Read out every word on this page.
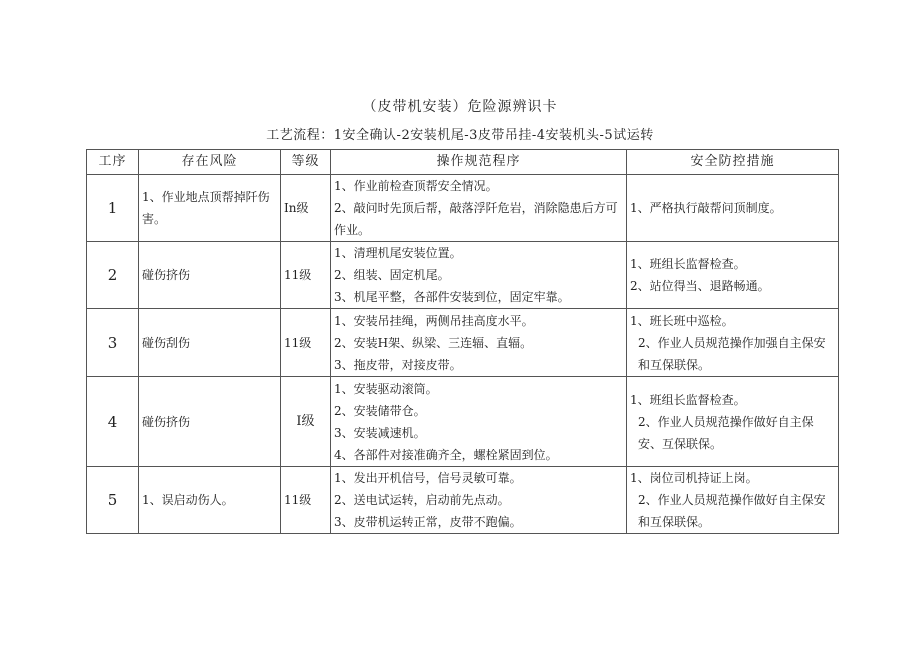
（皮带机安装）危险源辨识卡
工艺流程：1安全确认-2安装机尾-3皮带吊挂-4安装机头-5试运转
工序	存在风险	等级	操作规范程序	安全防控措施
1	1、作业地点顶帮掉阡伤害。	In级	1、作业前检查顶帮安全情况。
2、敲问时先顶后帮，敲落浮阡危岩，消除隐患后方可作业。	1、严格执行敲帮问顶制度。

2	碰伤挤伤	11级	1、清理机尾安装位置。
2、组装、固定机尾。
3、机尾平整，各部件安装到位，固定牢靠。	1、班组长监督检查。
2、站位得当、退路畅通。

3	碰伤刮伤	11级	1、安装吊挂绳，两侧吊挂高度水平。
2、安装H架、纵梁、三连辐、直辐。
3、拖皮带，对接皮带。	1、班长班中巡检。
2、作业人员规范操作加强自主保安和互保联保。

4	碰伤挤伤	I级	1、安装驱动滚筒。
2、安装储带仓。
3、安装减速机。
4、各部件对接准确齐全，螺栓紧固到位。	1、班组长监督检查。
2、作业人员规范操作做好自主保安、互保联保。

5	1、误启动伤人。	11级	1、发出开机信号，信号灵敏可靠。
2、送电试运转，启动前先点动。
3、皮带机运转正常，皮带不跑偏。	1、岗位司机持证上岗。
2、作业人员规范操作做好自主保安和互保联保。
